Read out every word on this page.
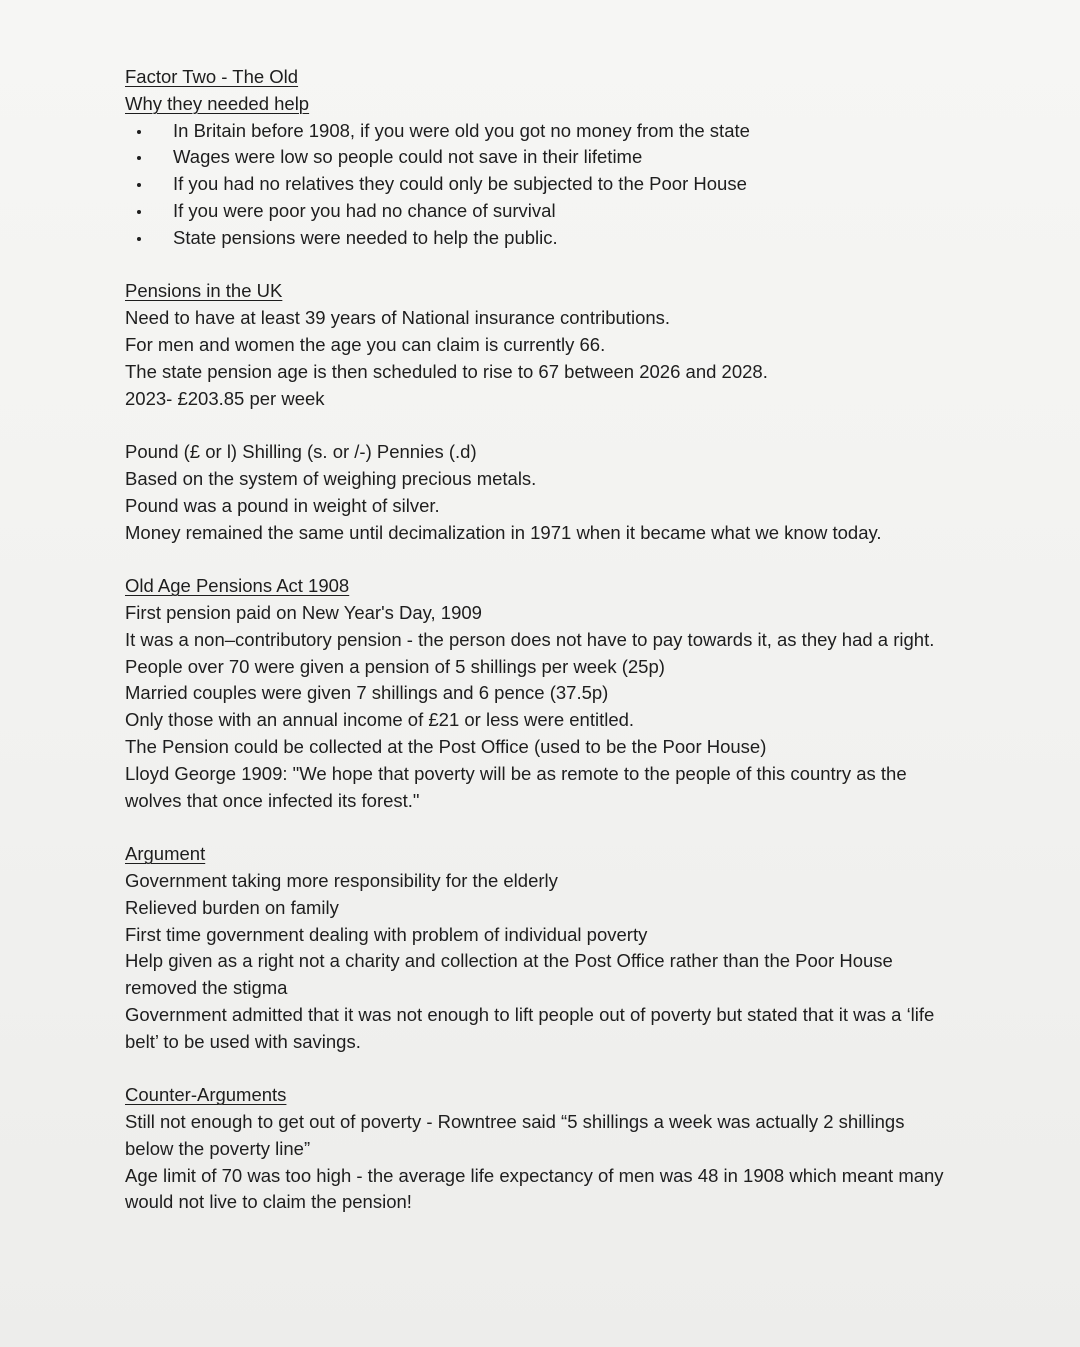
Factor Two - The Old
Why they needed help
In Britain before 1908, if you were old you got no money from the state
Wages were low so people could not save in their lifetime
If you had no relatives they could only be subjected to the Poor House
If you were poor you had no chance of survival
State pensions were needed to help the public.
Pensions in the UK
Need to have at least 39 years of National insurance contributions.
For men and women the age you can claim is currently 66.
The state pension age is then scheduled to rise to 67 between 2026 and 2028.
2023- £203.85 per week
Pound (£ or l) Shilling (s. or /-) Pennies (.d)
Based on the system of weighing precious metals.
Pound was a pound in weight of silver.
Money remained the same until decimalization in 1971 when it became what we know today.
Old Age Pensions Act 1908
First pension paid on New Year's Day, 1909
It was a non–contributory pension - the person does not have to pay towards it, as they had a right.
People over 70 were given a pension of 5 shillings per week (25p)
Married couples were given 7 shillings and 6 pence (37.5p)
Only those with an annual income of £21 or less were entitled.
The Pension could be collected at the Post Office (used to be the Poor House)
Lloyd George 1909: "We hope that poverty will be as remote to the people of this country as the wolves that once infected its forest."
Argument
Government taking more responsibility for the elderly
Relieved burden on family
First time government dealing with problem of individual poverty
Help given as a right not a charity and collection at the Post Office rather than the Poor House removed the stigma
Government admitted that it was not enough to lift people out of poverty but stated that it was a ‘life belt’ to be used with savings.
Counter-Arguments
Still not enough to get out of poverty - Rowntree said “5 shillings a week was actually 2 shillings below the poverty line”
Age limit of 70 was too high - the average life expectancy of men was 48 in 1908 which meant many would not live to claim the pension!
